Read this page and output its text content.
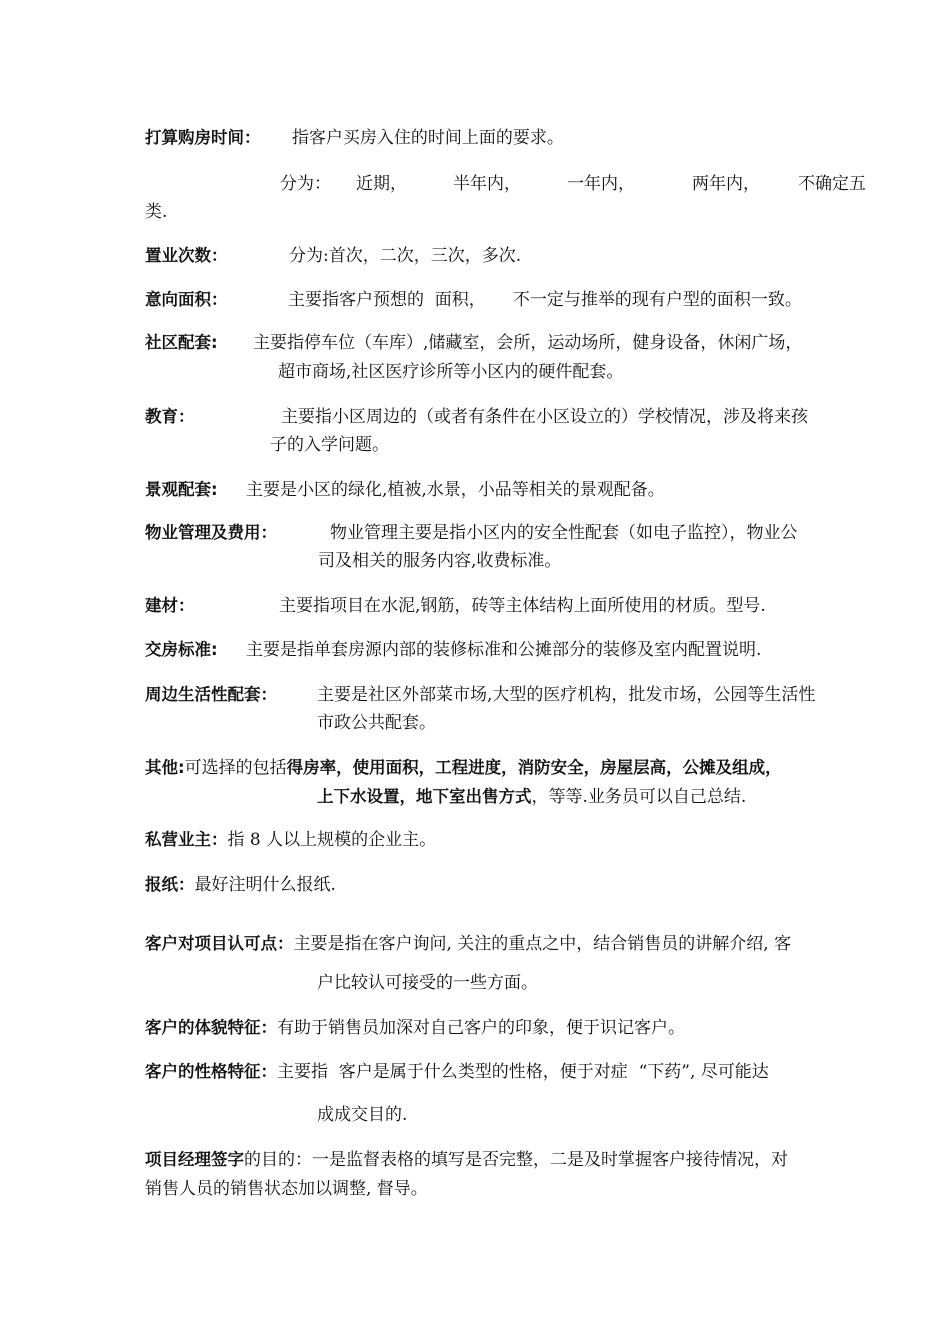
打算购房时间： 指客户买房入住的时间上面的要求。
分为： 近期，	半年内，	一年内，	两年内， 不确定五
类.
置业次数：	分为:首次，二次，三次，多次.
意向面积：	主要指客户预想的  面积，     不一定与推举的现有户型的面积一致。
社区配套: 主要指停车位（车库）,储藏室，会所，运动场所，健身设备，休闲广场，
超市商场,社区医疗诊所等小区内的硬件配套。
教育：	主要指小区周边的（或者有条件在小区设立的）学校情况，涉及将来孩
子的入学问题。
景观配套: 主要是小区的绿化,植被,水景，小品等相关的景观配备。
物业管理及费用：	物业管理主要是指小区内的安全性配套（如电子监控），物业公
司及相关的服务内容,收费标准。
建材：	主要指项目在水泥,钢筋，砖等主体结构上面所使用的材质。型号.
交房标准: 主要是指单套房源内部的装修标准和公摊部分的装修及室内配置说明.
周边生活性配套： 主要是社区外部菜市场,大型的医疗机构，批发市场，公园等生活性
市政公共配套。
其他:可选择的包括得房率，使用面积，工程进度，消防安全，房屋层高，公摊及组成，
上下水设置，地下室出售方式，等等.业务员可以自己总结.
私营业主：指 8 人以上规模的企业主。
报纸：最好注明什么报纸.
客户对项目认可点：主要是指在客户询问, 关注的重点之中，结合销售员的讲解介绍, 客
户比较认可接受的一些方面。
客户的体貌特征：有助于销售员加深对自己客户的印象，便于识记客户。
客户的性格特征：主要指  客户是属于什么类型的性格，便于对症  “下药”, 尽可能达
成成交目的.
项目经理签字的目的：一是监督表格的填写是否完整，二是及时掌握客户接待情况，对
销售人员的销售状态加以调整, 督导。
